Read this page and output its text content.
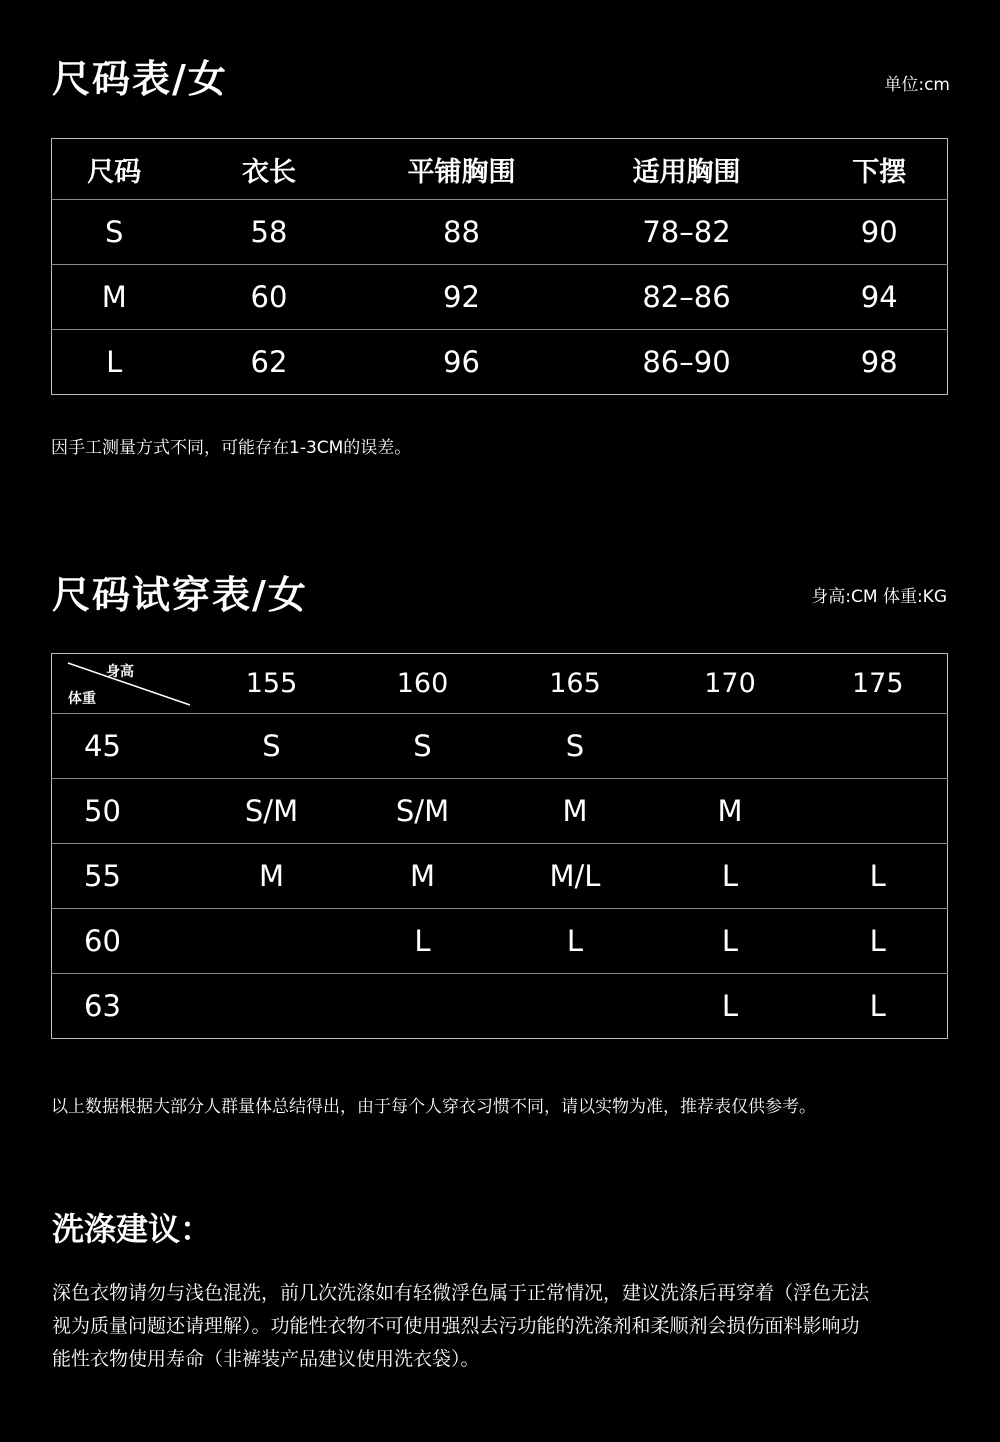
尺码表/女	单位:cm
尺码	衣长	平铺胸围	适用胸围	下摆
S	58	88	78–82	90
M	60	92	82–86	94
L	62	96	86–90	98
因手工测量方式不同，可能存在1-3CM的误差。
尺码试穿表/女	身高:CM 体重:KG
身高
体重	155	160	165	170	175
45	S	S	S		
50	S/M	S/M	M	M	
55	M	M	M/L	L	L
60		L	L	L	L
63				L	L
以上数据根据大部分人群量体总结得出，由于每个人穿衣习惯不同，请以实物为准，推荐表仅供参考。
洗涤建议：
深色衣物请勿与浅色混洗，前几次洗涤如有轻微浮色属于正常情况，建议洗涤后再穿着（浮色无法
视为质量问题还请理解）。功能性衣物不可使用强烈去污功能的洗涤剂和柔顺剂会损伤面料影响功
能性衣物使用寿命（非裤装产品建议使用洗衣袋）。
